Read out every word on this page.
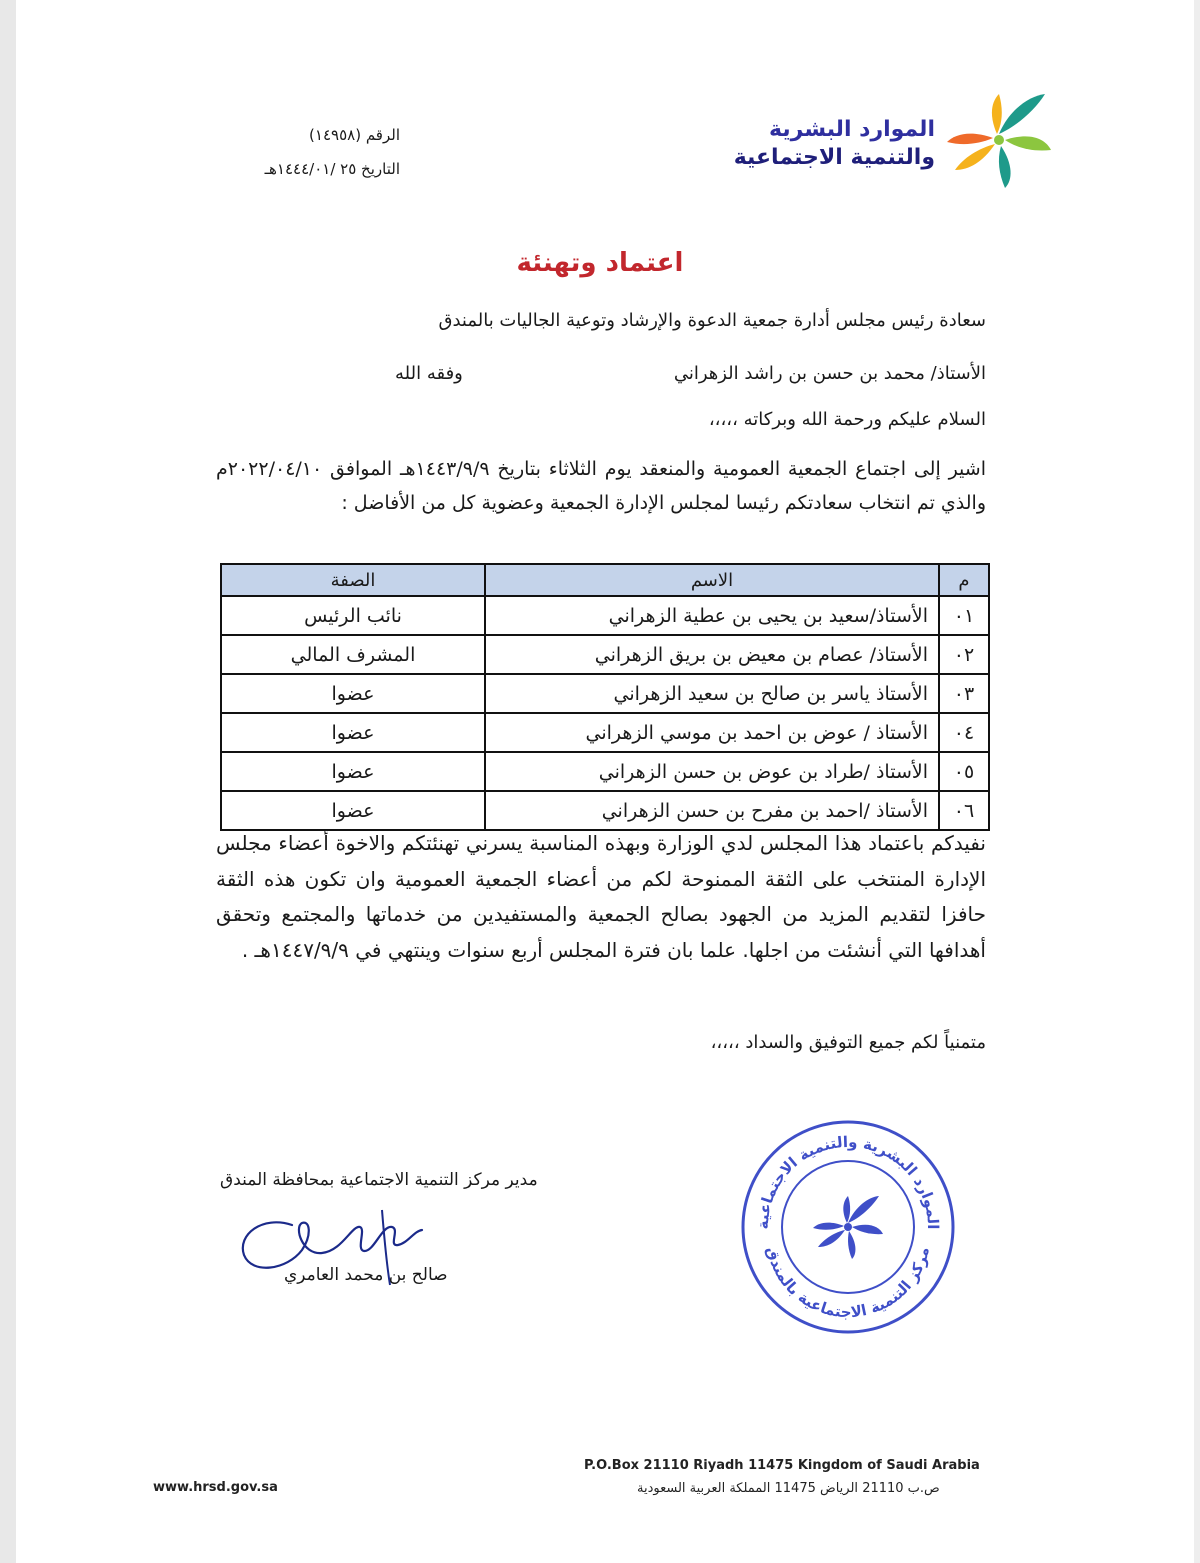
الموارد البشرية
والتنمية الاجتماعية
الرقم (١٤٩٥٨)
التاريخ ٢٥ /١٤٤٤/٠١هـ
اعتماد وتهنئة
سعادة رئيس مجلس أدارة جمعية الدعوة والإرشاد وتوعية الجاليات بالمندق
الأستاذ/ محمد بن حسن بن راشد الزهراني
وفقه الله
السلام عليكم ورحمة الله وبركاته ،،،،،
اشير إلى اجتماع الجمعية العمومية والمنعقد يوم الثلاثاء بتاريخ ١٤٤٣/٩/٩هـ الموافق ٢٠٢٢/٠٤/١٠م والذي تم انتخاب سعادتكم رئيسا لمجلس الإدارة الجمعية وعضوية كل من الأفاضل :
م	الاسم	الصفة
٠١	الأستاذ/سعيد بن يحيى بن عطية الزهراني	نائب الرئيس
٠٢	الأستاذ/ عصام بن معيض بن بريق الزهراني	المشرف المالي
٠٣	الأستاذ ياسر بن صالح بن سعيد الزهراني	عضوا
٠٤	الأستاذ / عوض بن احمد بن موسي الزهراني	عضوا
٠٥	الأستاذ /طراد بن عوض بن حسن الزهراني	عضوا
٠٦	الأستاذ /احمد بن مفرح بن حسن الزهراني	عضوا
نفيدكم باعتماد هذا المجلس لدي الوزارة وبهذه المناسبة يسرني تهنئتكم والاخوة أعضاء مجلس الإدارة المنتخب على الثقة الممنوحة لكم من أعضاء الجمعية العمومية وان تكون هذه الثقة حافزا لتقديم المزيد من الجهود بصالح الجمعية والمستفيدين من خدماتها والمجتمع وتحقق أهدافها التي أنشئت من اجلها. علما بان فترة المجلس أربع سنوات وينتهي في ١٤٤٧/٩/٩هـ .
متمنياً لكم جميع التوفيق والسداد ،،،،،
الموارد البشرية والتنمية الاجتماعية
مركز التنمية الاجتماعية بالمندق
مدير مركز التنمية الاجتماعية بمحافظة المندق
صالح بن محمد العامري
P.O.Box 21110 Riyadh 11475 Kingdom of Saudi Arabia
ص.ب 21110 الرياض 11475 المملكة العربية السعودية
www.hrsd.gov.sa
